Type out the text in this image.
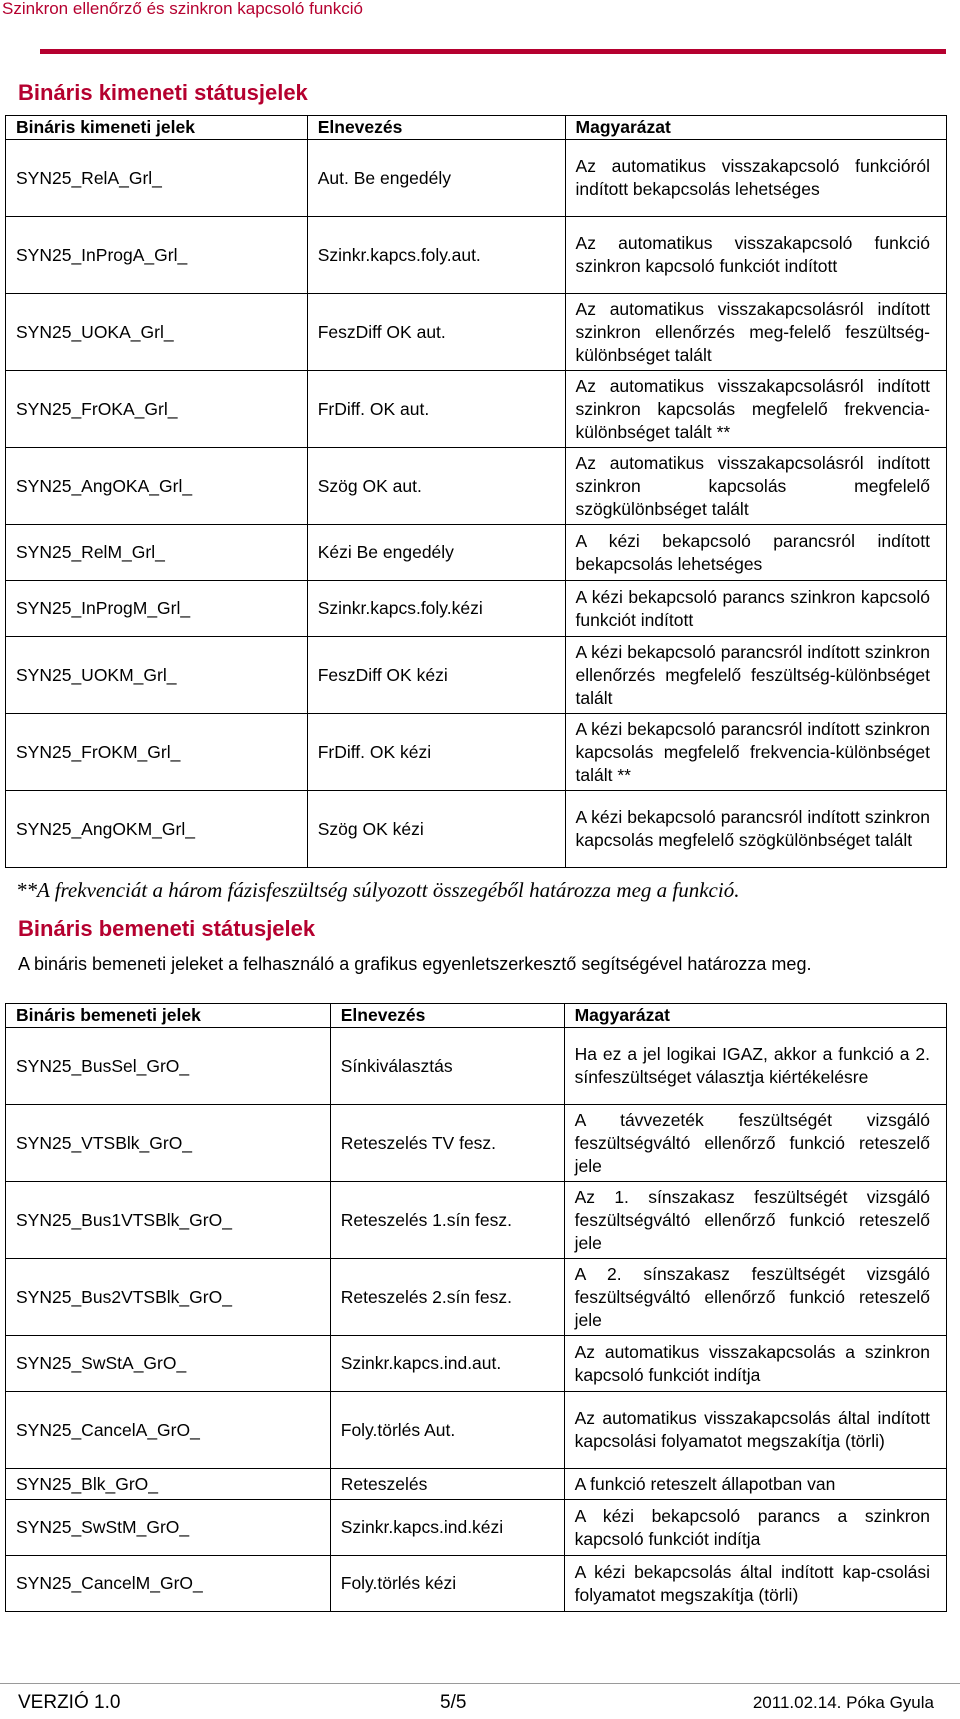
Szinkron ellenőrző és szinkron kapcsoló funkció
Bináris kimeneti státusjelek
Bináris kimeneti jelek	Elnevezés	Magyarázat
SYN25_RelA_Grl_	Aut. Be engedély	Az automatikus visszakapcsoló funkcióról indított bekapcsolás lehetséges
SYN25_InProgA_Grl_	Szinkr.kapcs.foly.aut.	Az automatikus visszakapcsoló funkció szinkron kapcsoló funkciót indított
SYN25_UOKA_Grl_	FeszDiff OK aut.	Az automatikus visszakapcsolásról indított szinkron ellenőrzés meg-felelő feszültség-különbséget talált
SYN25_FrOKA_Grl_	FrDiff. OK aut.	Az automatikus visszakapcsolásról indított szinkron kapcsolás megfelelő frekvencia-különbséget talált **
SYN25_AngOKA_Grl_	Szög OK aut.	Az automatikus visszakapcsolásról indított szinkron kapcsolás megfelelő szögkülönbséget talált
SYN25_RelM_Grl_	Kézi Be engedély	A kézi bekapcsoló parancsról indított bekapcsolás lehetséges
SYN25_InProgM_Grl_	Szinkr.kapcs.foly.kézi	A kézi bekapcsoló parancs szinkron kapcsoló funkciót indított
SYN25_UOKM_Grl_	FeszDiff OK kézi	A kézi bekapcsoló parancsról indított szinkron ellenőrzés megfelelő feszültség-különbséget talált
SYN25_FrOKM_Grl_	FrDiff. OK kézi	A kézi bekapcsoló parancsról indított szinkron kapcsolás megfelelő frekvencia-különbséget talált **
SYN25_AngOKM_Grl_	Szög OK kézi	A kézi bekapcsoló parancsról indított szinkron kapcsolás megfelelő szögkülönbséget talált
**A frekvenciát a három fázisfeszültség súlyozott összegéből határozza meg a funkció.
Bináris bemeneti státusjelek
A bináris bemeneti jeleket a felhasználó a grafikus egyenletszerkesztő segítségével határozza meg.
Bináris bemeneti jelek	Elnevezés	Magyarázat
SYN25_BusSel_GrO_	Sínkiválasztás	Ha ez a jel logikai IGAZ, akkor a funkció a 2. sínfeszültséget választja kiértékelésre
SYN25_VTSBlk_GrO_	Reteszelés TV fesz.	A távvezeték feszültségét vizsgáló feszültségváltó ellenőrző funkció reteszelő jele
SYN25_Bus1VTSBlk_GrO_	Reteszelés 1.sín fesz.	Az 1. sínszakasz feszültségét vizsgáló feszültségváltó ellenőrző funkció reteszelő jele
SYN25_Bus2VTSBlk_GrO_	Reteszelés 2.sín fesz.	A 2. sínszakasz feszültségét vizsgáló feszültségváltó ellenőrző funkció reteszelő jele
SYN25_SwStA_GrO_	Szinkr.kapcs.ind.aut.	Az automatikus visszakapcsolás a szinkron kapcsoló funkciót indítja
SYN25_CancelA_GrO_	Foly.törlés Aut.	Az automatikus visszakapcsolás által indított kapcsolási folyamatot megszakítja (törli)
SYN25_Blk_GrO_	Reteszelés	A funkció reteszelt állapotban van
SYN25_SwStM_GrO_	Szinkr.kapcs.ind.kézi	A kézi bekapcsoló parancs a szinkron kapcsoló funkciót indítja
SYN25_CancelM_GrO_	Foly.törlés kézi	A kézi bekapcsolás által indított kap-csolási folyamatot megszakítja (törli)
VERZIÓ 1.0	5/5	2011.02.14. Póka Gyula
